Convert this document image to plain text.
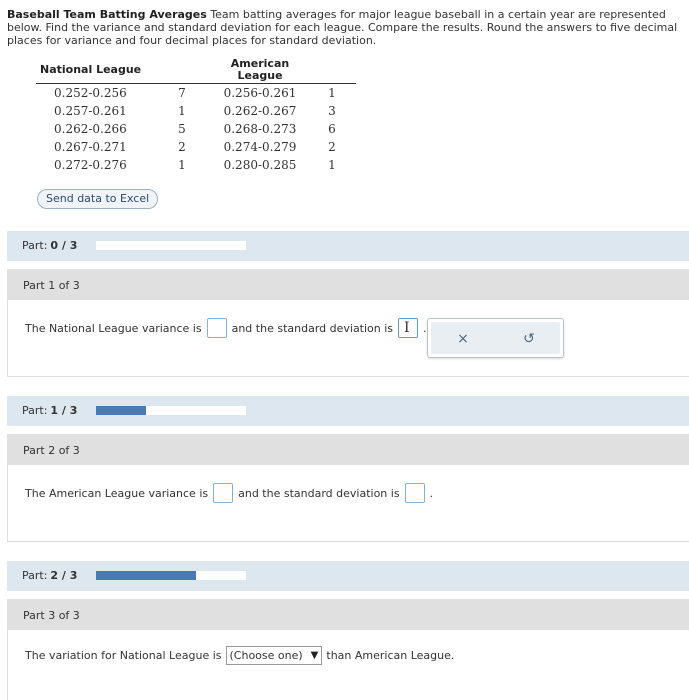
Baseball Team Batting Averages Team batting averages for major league baseball in a certain year are represented below. Find the variance and standard deviation for each league. Compare the results. Round the answers to five decimal places for variance and four decimal places for standard deviation.
National League		American League	
0.252-0.256	7	0.256-0.261	1
0.257-0.261	1	0.262-0.267	3
0.262-0.266	5	0.268-0.273	6
0.267-0.271	2	0.274-0.279	2
0.272-0.276	1	0.280-0.285	1
Send data to Excel
Part: 0 / 3
Part 1 of 3
The National League variance is	and the standard deviation is I .
×	↺
Part: 1 / 3
Part 2 of 3
The American League variance is	and the standard deviation is	.
Part: 2 / 3
Part 3 of 3
The variation for National League is (Choose one) ▼ than American League.
